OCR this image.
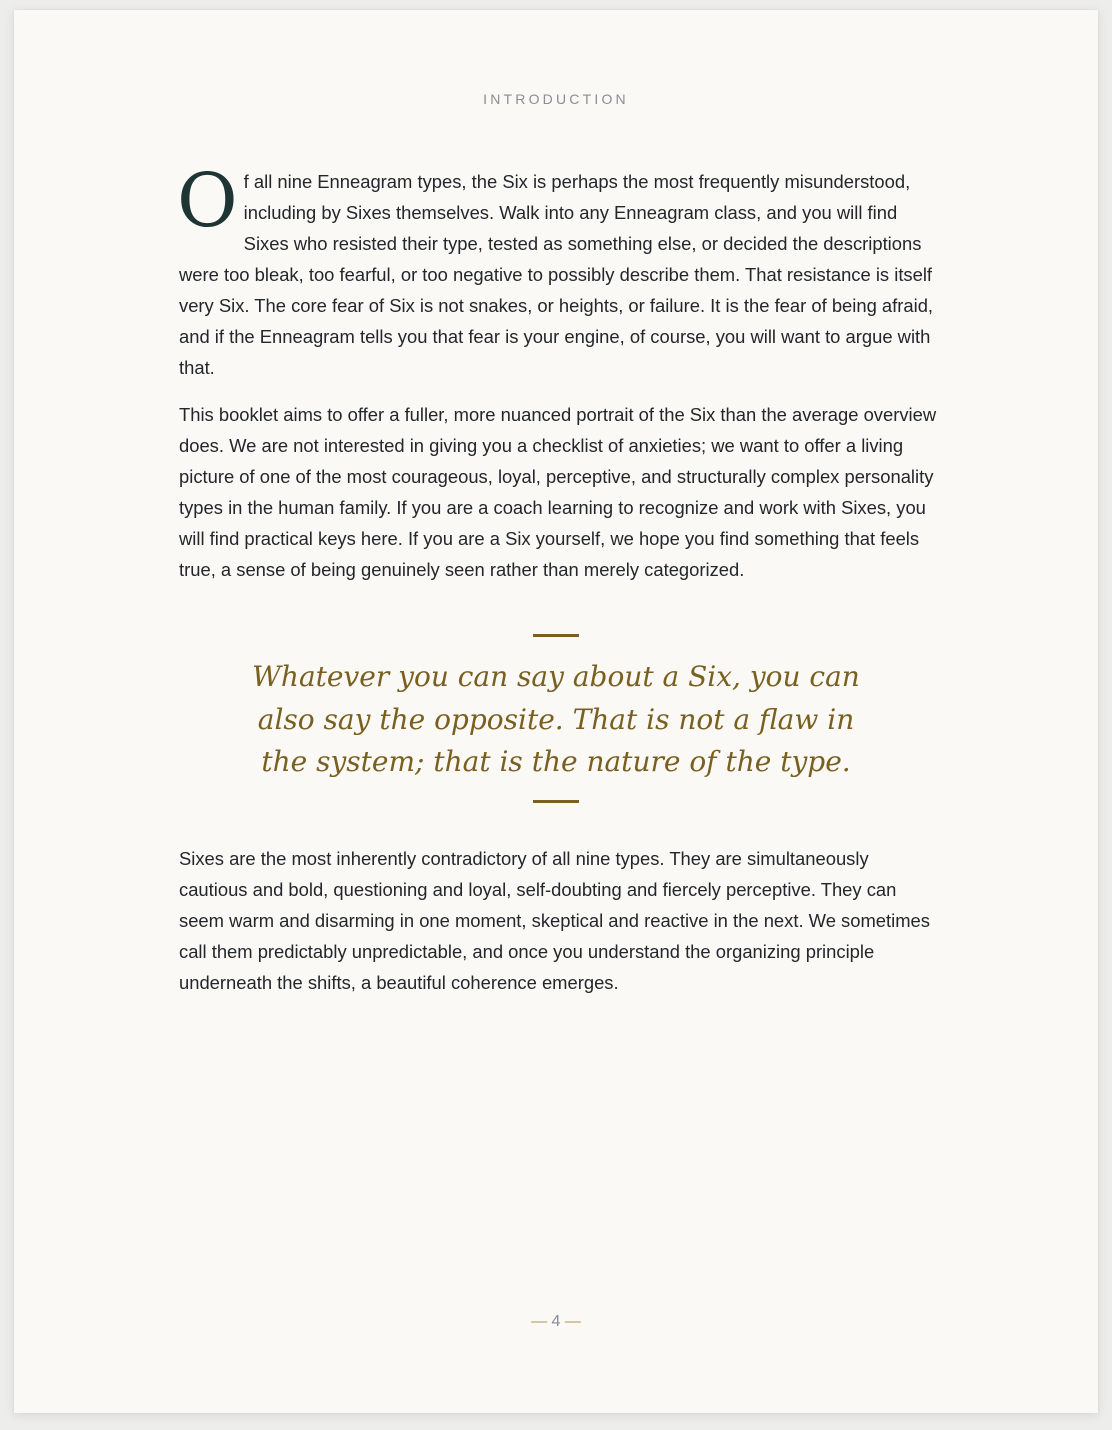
INTRODUCTION

Of all nine Enneagram types, the Six is perhaps the most frequently misunderstood, including by Sixes themselves. Walk into any Enneagram class, and you will find Sixes who resisted their type, tested as something else, or decided the descriptions were too bleak, too fearful, or too negative to possibly describe them. That resistance is itself very Six. The core fear of Six is not snakes, or heights, or failure. It is the fear of being afraid, and if the Enneagram tells you that fear is your engine, of course, you will want to argue with that.

This booklet aims to offer a fuller, more nuanced portrait of the Six than the average overview does. We are not interested in giving you a checklist of anxieties; we want to offer a living picture of one of the most courageous, loyal, perceptive, and structurally complex personality types in the human family. If you are a coach learning to recognize and work with Sixes, you will find practical keys here. If you are a Six yourself, we hope you find something that feels true, a sense of being genuinely seen rather than merely categorized.

Whatever you can say about a Six, you can also say the opposite. That is not a flaw in the system; that is the nature of the type.

Sixes are the most inherently contradictory of all nine types. They are simultaneously cautious and bold, questioning and loyal, self-doubting and fiercely perceptive. They can seem warm and disarming in one moment, skeptical and reactive in the next. We sometimes call them predictably unpredictable, and once you understand the organizing principle underneath the shifts, a beautiful coherence emerges.

— 4 —
